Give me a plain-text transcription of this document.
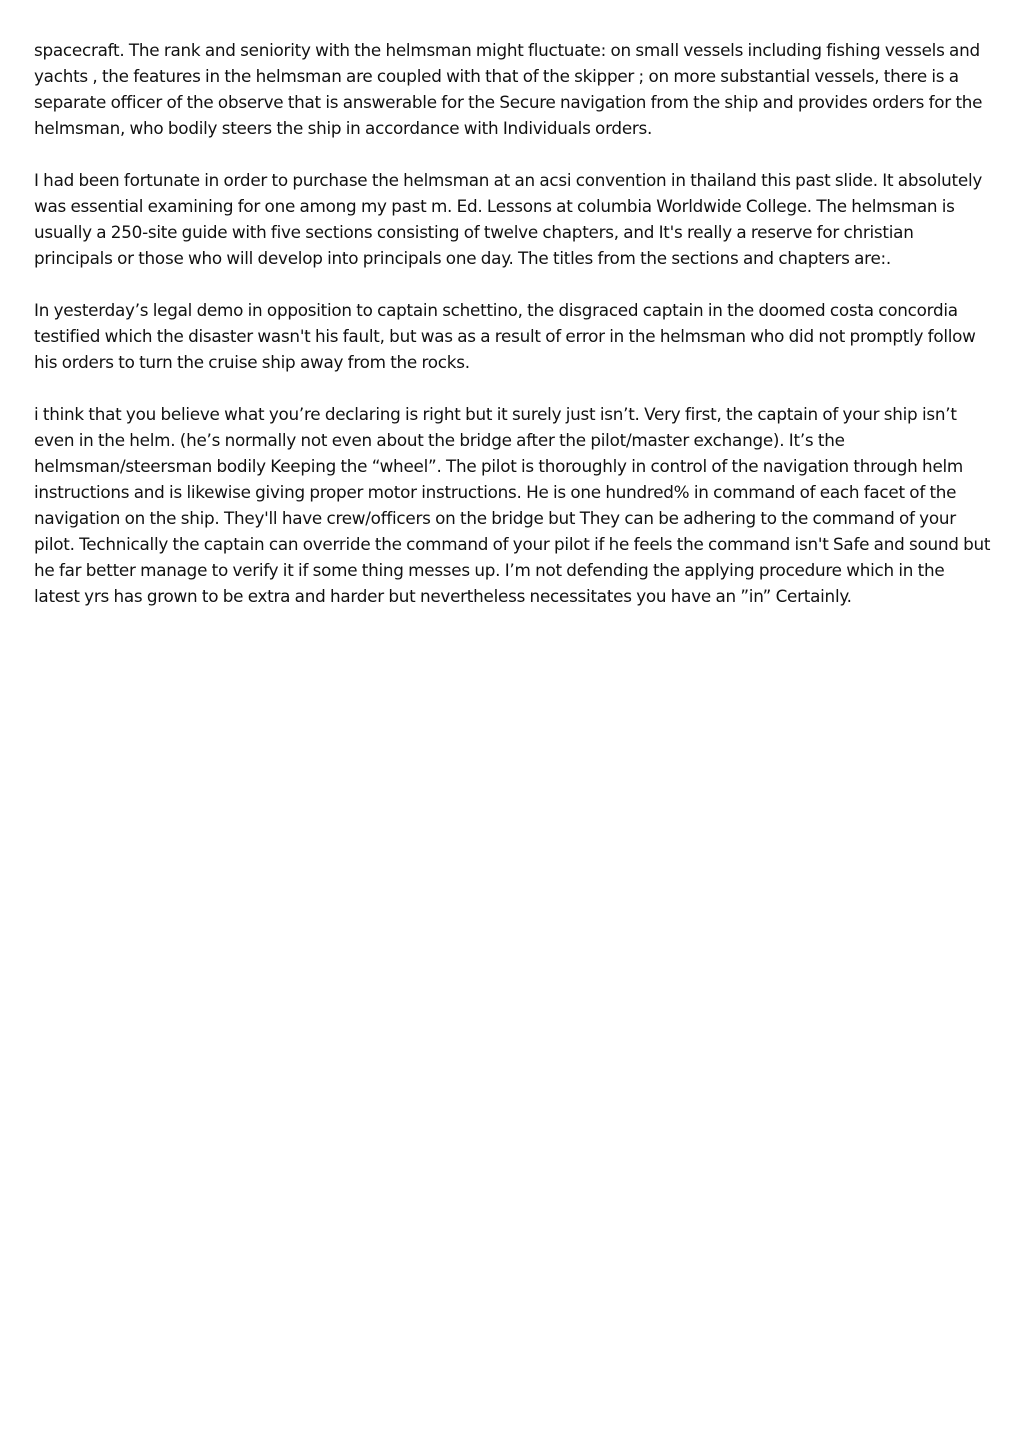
spacecraft. The rank and seniority with the helmsman might fluctuate: on small vessels including fishing vessels and yachts , the features in the helmsman are coupled with that of the skipper ; on more substantial vessels, there is a separate officer of the observe that is answerable for the Secure navigation from the ship and provides orders for the helmsman, who bodily steers the ship in accordance with Individuals orders.

I had been fortunate in order to purchase the helmsman at an acsi convention in thailand this past slide. It absolutely was essential examining for one among my past m. Ed. Lessons at columbia Worldwide College. The helmsman is usually a 250-site guide with five sections consisting of twelve chapters, and It's really a reserve for christian principals or those who will develop into principals one day. The titles from the sections and chapters are:.

In yesterday’s legal demo in opposition to captain schettino, the disgraced captain in the doomed costa concordia testified which the disaster wasn't his fault, but was as a result of error in the helmsman who did not promptly follow his orders to turn the cruise ship away from the rocks.

i think that you believe what you’re declaring is right but it surely just isn’t. Very first, the captain of your ship isn’t even in the helm. (he’s normally not even about the bridge after the pilot/master exchange). It’s the helmsman/steersman bodily Keeping the “wheel”. The pilot is thoroughly in control of the navigation through helm instructions and is likewise giving proper motor instructions. He is one hundred% in command of each facet of the navigation on the ship. They'll have crew/officers on the bridge but They can be adhering to the command of your pilot. Technically the captain can override the command of your pilot if he feels the command isn't Safe and sound but he far better manage to verify it if some thing messes up. I’m not defending the applying procedure which in the latest yrs has grown to be extra and harder but nevertheless necessitates you have an ”in” Certainly.
